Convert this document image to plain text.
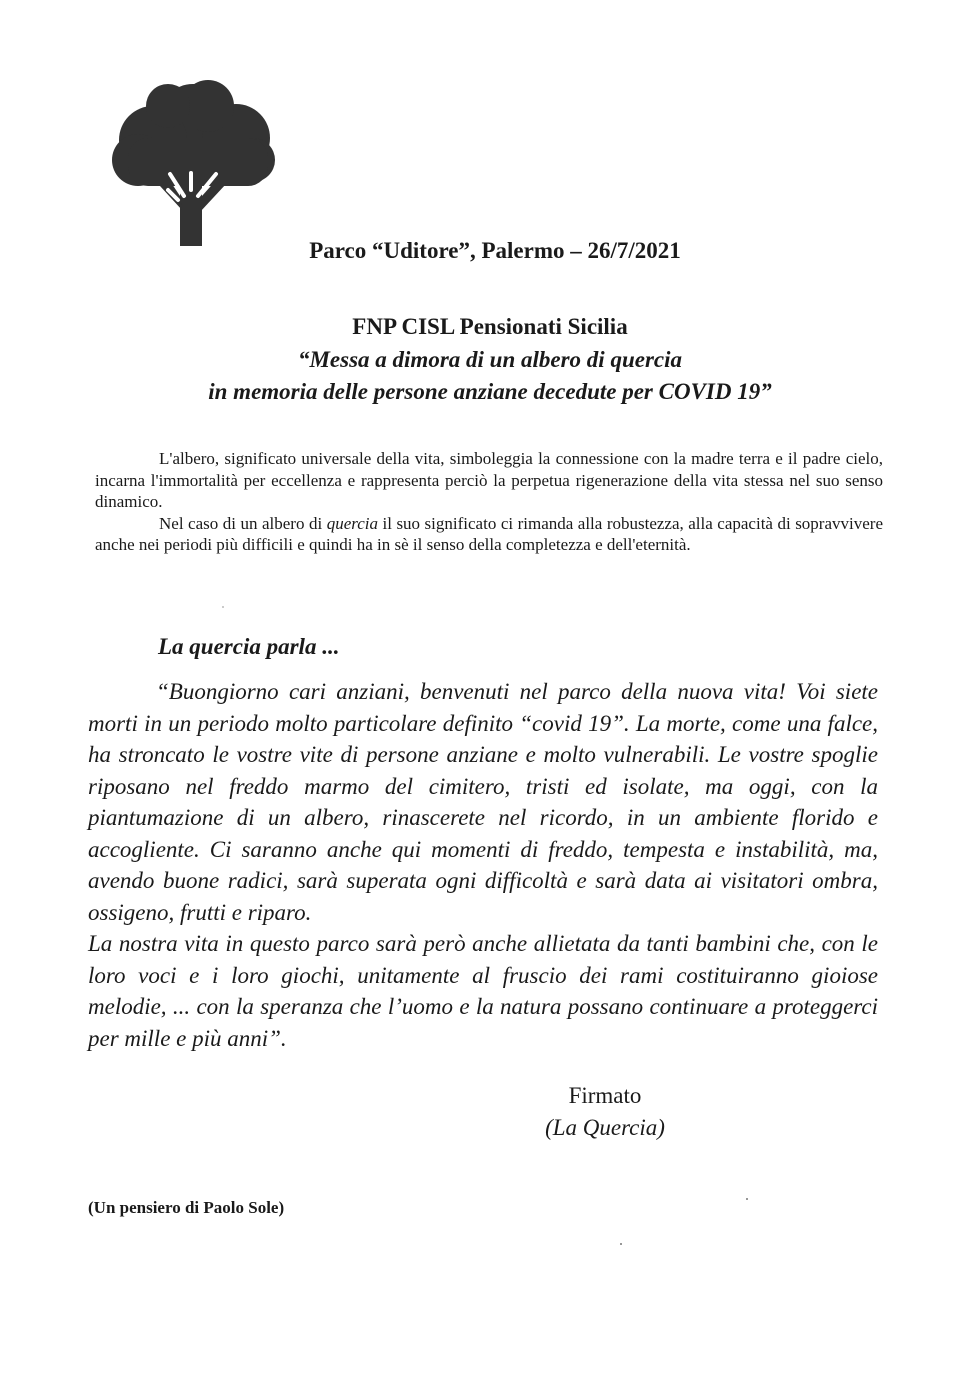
Parco “Uditore”, Palermo – 26/7/2021
FNP CISL Pensionati Sicilia
“Messa a dimora di un albero di quercia
in memoria delle persone anziane decedute per COVID 19”

L'albero, significato universale della vita, simboleggia la connessione con la madre terra e il padre cielo, incarna l'immortalità per eccellenza e rappresenta perciò la perpetua rigenerazione della vita stessa nel suo senso dinamico.

Nel caso di un albero di quercia il suo significato ci rimanda alla robustezza, alla capacità di sopravvivere anche nei periodi più difficili e quindi ha in sè il senso della completezza e dell'eternità.

La quercia parla ...

“Buongiorno cari anziani, benvenuti nel parco della nuova vita! Voi siete morti in un periodo molto particolare definito “covid 19”. La morte, come una falce, ha stroncato le vostre vite di persone anziane e molto vulnerabili. Le vostre spoglie riposano nel freddo marmo del cimitero, tristi ed isolate, ma oggi, con la piantumazione di un albero, rinascerete nel ricordo, in un ambiente florido e accogliente. Ci saranno anche qui momenti di freddo, tempesta e instabilità, ma, avendo buone radici, sarà superata ogni difficoltà e sarà data ai visitatori ombra, ossigeno, frutti e riparo.

La nostra vita in questo parco sarà però anche allietata da tanti bambini che, con le loro voci e i loro giochi, unitamente al fruscio dei rami costituiranno gioiose melodie, ... con la speranza che l’uomo e la natura possano continuare a proteggerci per mille e più anni”.

Firmato
(La Quercia)

(Un pensiero di Paolo Sole)
